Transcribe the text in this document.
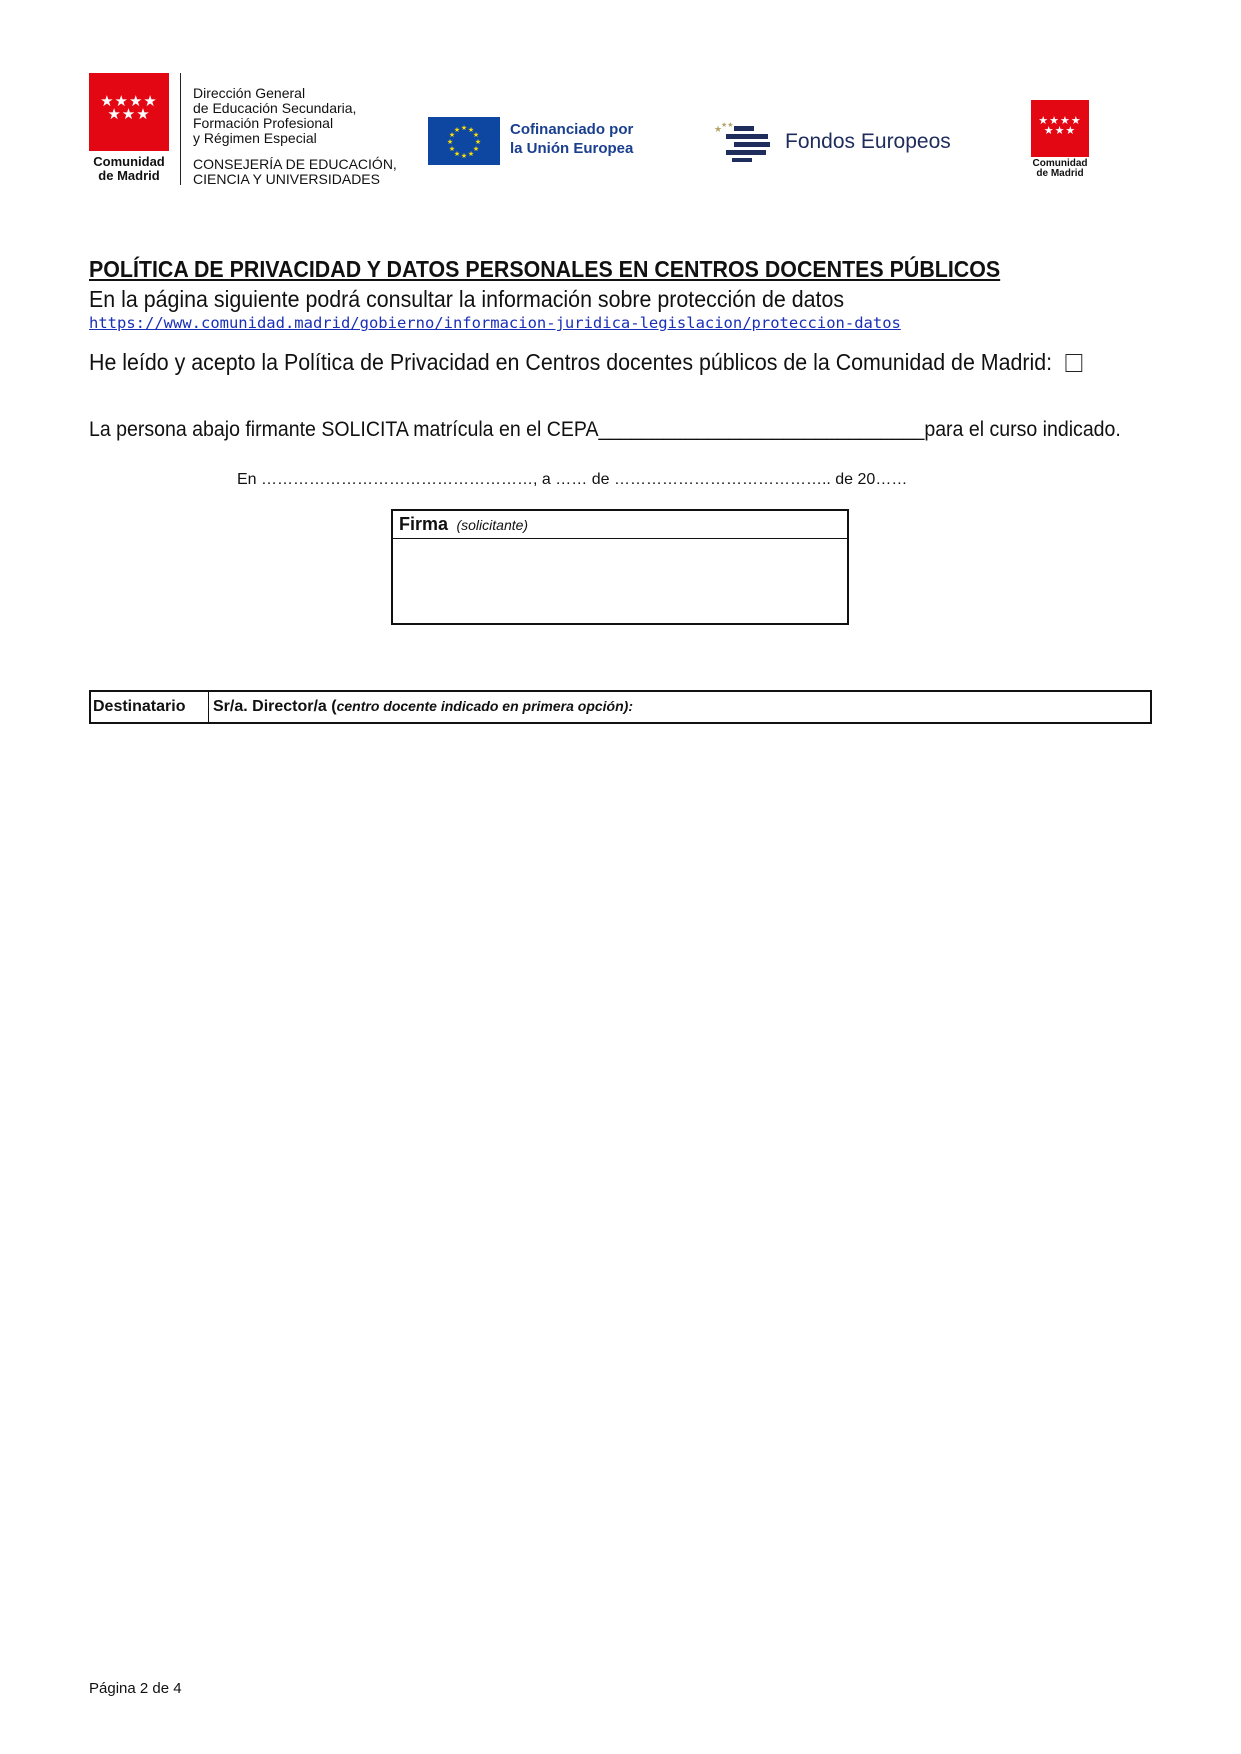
★★★★
★★★
Comunidad
de Madrid
Dirección General
de Educación Secundaria,
Formación Profesional
y Régimen Especial
CONSEJERÍA DE EDUCACIÓN,
CIENCIA Y UNIVERSIDADES
★ ★
★
★
★
★
★
★
★
★
★
★	Cofinanciado por
la Unión Europea
★
★★
Fondos Europeos
★★★★
★★★
Comunidad
de Madrid
POLÍTICA DE PRIVACIDAD Y DATOS PERSONALES EN CENTROS DOCENTES PÚBLICOS
En la página siguiente podrá consultar la información sobre protección de datos
https://www.comunidad.madrid/gobierno/informacion-juridica-legislacion/proteccion-datos
He leído y acepto la Política de Privacidad en Centros docentes públicos de la Comunidad de Madrid:
La persona abajo firmante SOLICITA matrícula en el CEPA______________________________para el curso indicado.
En ……………………………………………, a …… de ………………………………….. de 20……
Firma (solicitante)
Destinatario	Sr/a. Director/a (centro docente indicado en primera opción):
Página 2 de 4
